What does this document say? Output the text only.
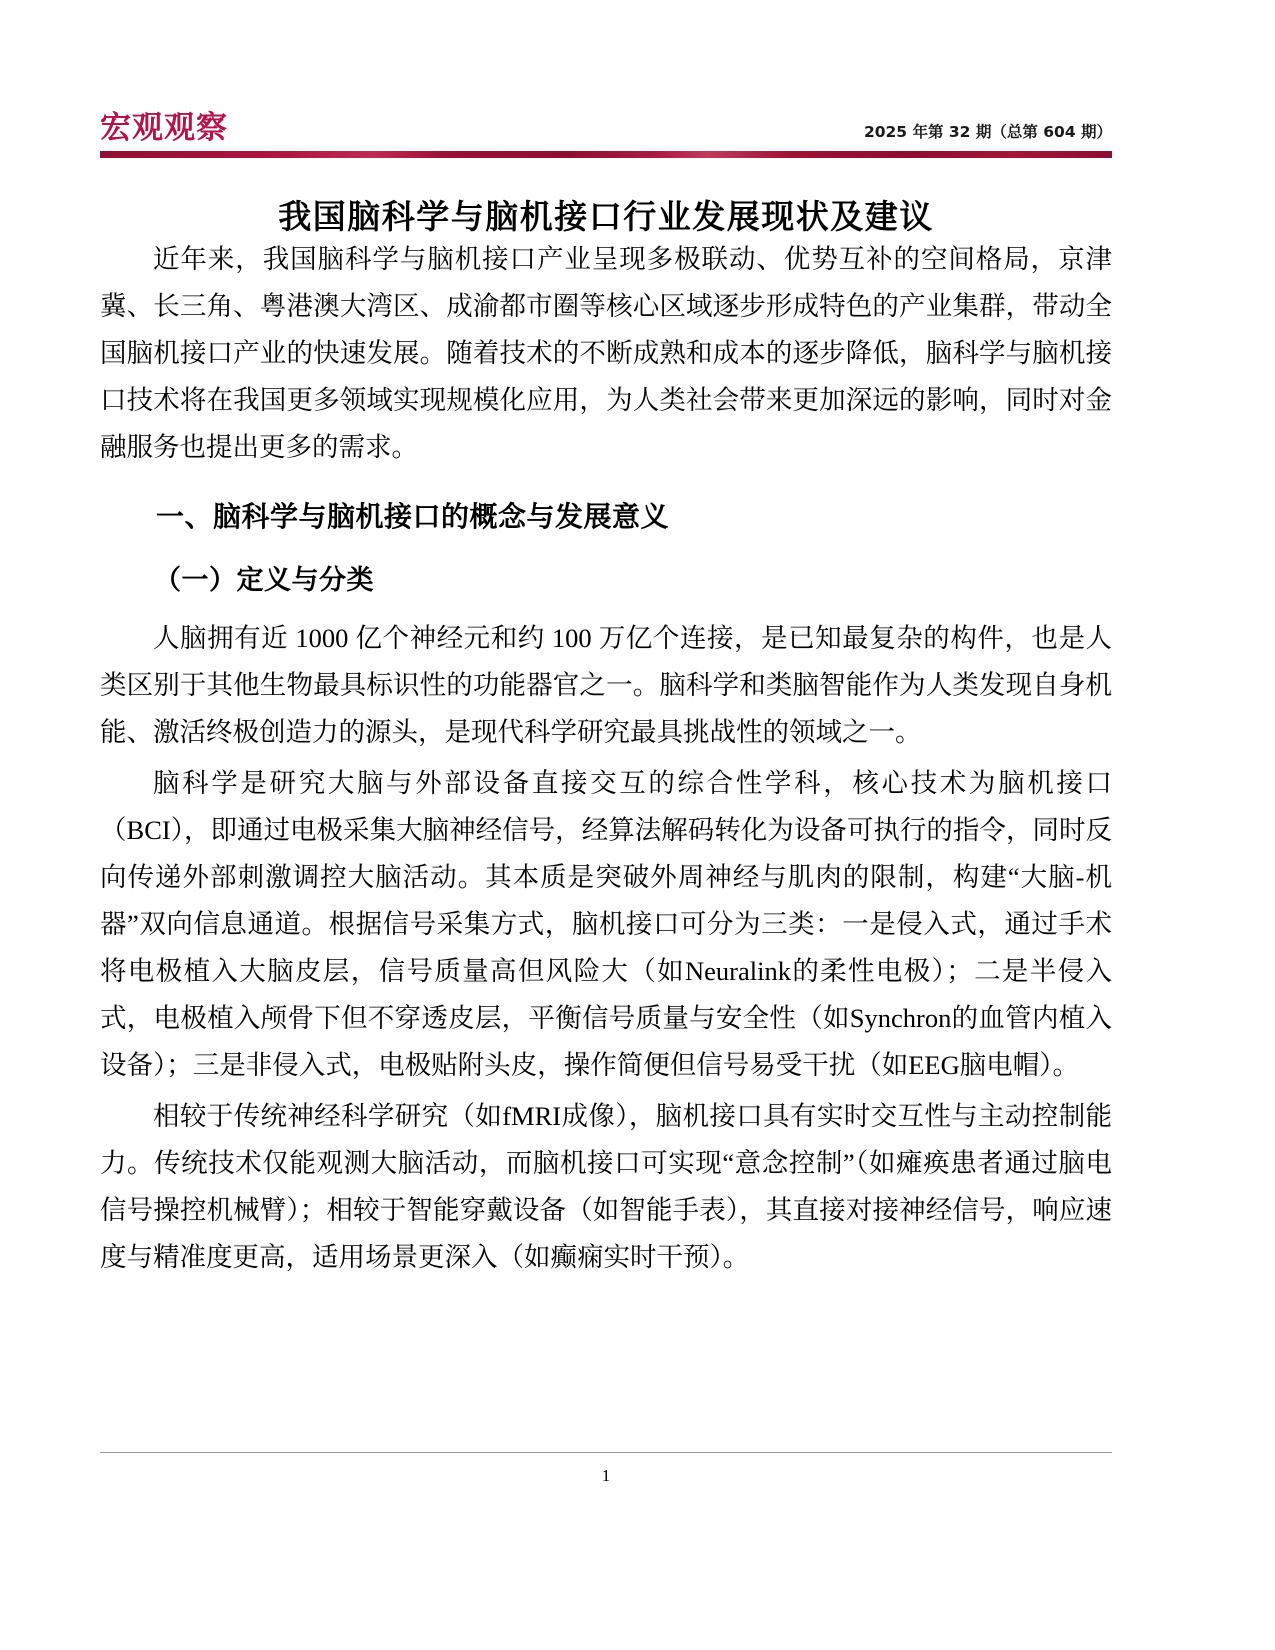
宏观观察	2025 年第 32 期（总第 604 期）
我国脑科学与脑机接口行业发展现状及建议

近年来，我国脑科学与脑机接口产业呈现多极联动、优势互补的空间格局，京津冀、长三角、粤港澳大湾区、成渝都市圈等核心区域逐步形成特色的产业集群，带动全国脑机接口产业的快速发展。随着技术的不断成熟和成本的逐步降低，脑科学与脑机接口技术将在我国更多领域实现规模化应用，为人类社会带来更加深远的影响，同时对金融服务也提出更多的需求。

一、脑科学与脑机接口的概念与发展意义
（一）定义与分类

人脑拥有近 1000 亿个神经元和约 100 万亿个连接，是已知最复杂的构件，也是人类区别于其他生物最具标识性的功能器官之一。脑科学和类脑智能作为人类发现自身机能、激活终极创造力的源头，是现代科学研究最具挑战性的领域之一。

脑科学是研究大脑与外部设备直接交互的综合性学科，核心技术为脑机接口（BCI），即通过电极采集大脑神经信号，经算法解码转化为设备可执行的指令，同时反向传递外部刺激调控大脑活动。其本质是突破外周神经与肌肉的限制，构建“大脑-机器”双向信息通道。根据信号采集方式，脑机接口可分为三类：一是侵入式，通过手术将电极植入大脑皮层，信号质量高但风险大（如Neuralink的柔性电极）；二是半侵入式，电极植入颅骨下但不穿透皮层，平衡信号质量与安全性（如Synchron的血管内植入设备）；三是非侵入式，电极贴附头皮，操作简便但信号易受干扰（如EEG脑电帽）。

相较于传统神经科学研究（如fMRI成像），脑机接口具有实时交互性与主动控制能力。传统技术仅能观测大脑活动，而脑机接口可实现“意念控制”（如瘫痪患者通过脑电信号操控机械臂）；相较于智能穿戴设备（如智能手表），其直接对接神经信号，响应速度与精准度更高，适用场景更深入（如癫痫实时干预）。

1
